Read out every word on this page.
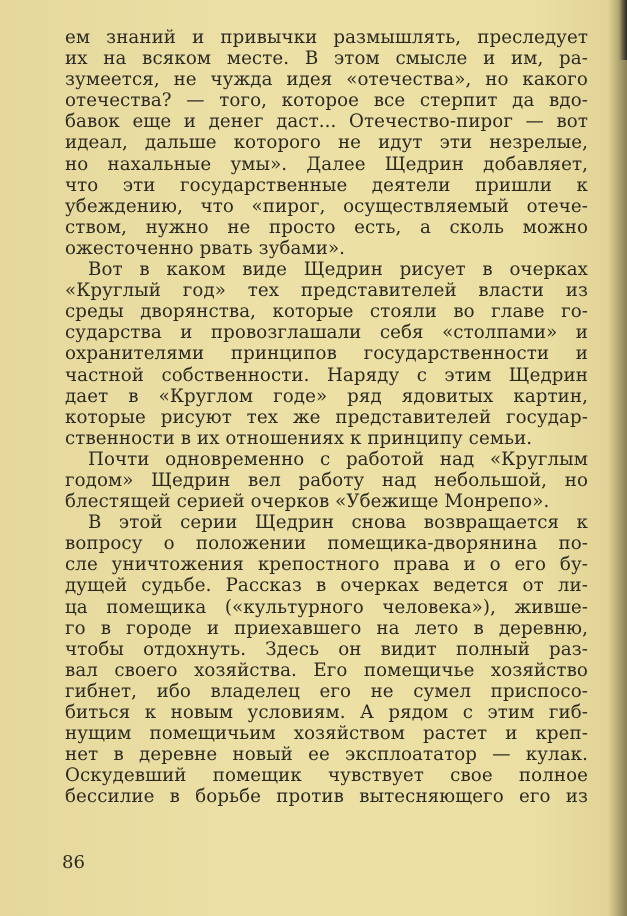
ем знаний и привычки размышлять, преследует
их на всяком месте. В этом смысле и им, ра-
зумеется, не чужда идея «отечества», но какого
отечества? — того, которое все стерпит да вдо-
бавок еще и денег даст... Отечество-пирог — вот
идеал, дальше которого не идут эти незрелые,
но нахальные умы». Далее Щедрин добавляет,
что эти государственные деятели пришли к
убеждению, что «пирог, осуществляемый отече-
ством, нужно не просто есть, а сколь можно
ожесточенно рвать зубами».
Вот в каком виде Щедрин рисует в очерках
«Круглый год» тех представителей власти из
среды дворянства, которые стояли во главе го-
сударства и провозглашали себя «столпами» и
охранителями принципов государственности и
частной собственности. Наряду с этим Щедрин
дает в «Круглом годе» ряд ядовитых картин,
которые рисуют тех же представителей государ-
ственности в их отношениях к принципу семьи.
Почти одновременно с работой над «Круглым
годом» Щедрин вел работу над небольшой, но
блестящей серией очерков «Убежище Монрепо».
В этой серии Щедрин снова возвращается к
вопросу о положении помещика-дворянина по-
сле уничтожения крепостного права и о его бу-
дущей судьбе. Рассказ в очерках ведется от ли-
ца помещика («культурного человека»), живше-
го в городе и приехавшего на лето в деревню,
чтобы отдохнуть. Здесь он видит полный раз-
вал своего хозяйства. Его помещичье хозяйство
гибнет, ибо владелец его не сумел приспосо-
биться к новым условиям. А рядом с этим гиб-
нущим помещичьим хозяйством растет и креп-
нет в деревне новый ее эксплоататор — кулак.
Оскудевший помещик чувствует свое полное
бессилие в борьбе против вытесняющего его из
86
